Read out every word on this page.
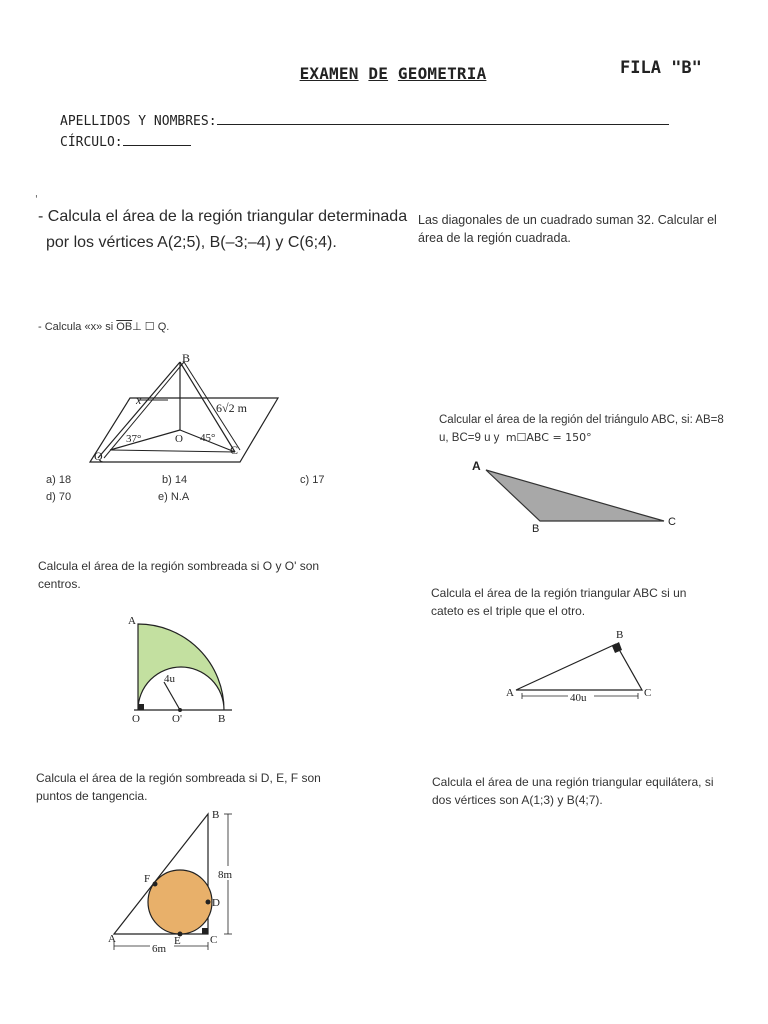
EXAMEN DE GEOMETRIA	FILA "B"
APELLIDOS Y NOMBRES:
CÍRCULO:
'
- Calcula el área de la región triangular determinada
por los vértices A(2;5), B(–3;–4) y C(6;4).
Las diagonales de un cuadrado suman 32. Calcular el
área de la región cuadrada.
- Calcula «x» si $\overline{OB}\perp$ ☐ Q.
B
x
6√2 m
37°	O 45°
Q	C
a) 18	b) 14	c) 17
d) 70	e) N.A
Calcular el área de la región del triángulo ABC, si: AB=8
u, BC=9 u y m☐ABC = 150°
A
B
C
Calcula el área de la región sombreada si O y O' son
centros.
A
4u
O	O'	B
Calcula el área de la región triangular ABC si un
cateto es el triple que el otro.
B
A	C
40u
Calcula el área de la región sombreada si D, E, F son
puntos de tangencia.
B
F	8m
D
A	E	C
6m
Calcula el área de una región triangular equilátera, si
dos vértices son A(1;3) y B(4;7).
